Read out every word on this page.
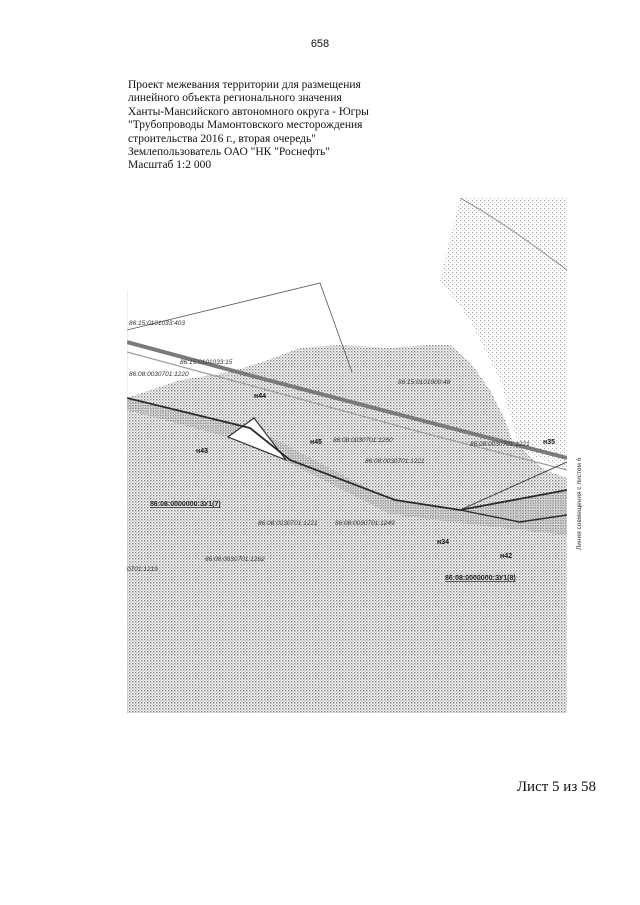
658
Проект межевания территории для размещения
линейного объекта регионального значения
Ханты-Мансийского автономного округа - Югры
"Трубопроводы Мамонтовского месторождения
строительства 2016 г., вторая очередь"
Землепользователь ОАО "НК "Роснефть"
Масштаб 1:2 000
86:15:0101033:403
86:15:0101033:15
86:08:0030701:1220
86:15:0101000:48
86:08:0030701:1260
86:08:0030701:1221
86:08:0030701:1221
86:08:0030701:1221	86:08:0030701:1249
86:08:0030701:1262
0701:1219
86:08:0000000:ЗУ1(7)
86:08:0000000:ЗУ1(8)
н44
н45
н43
н35
н34
н42
Линия совмещения с листом 6
Лист 5 из 58
